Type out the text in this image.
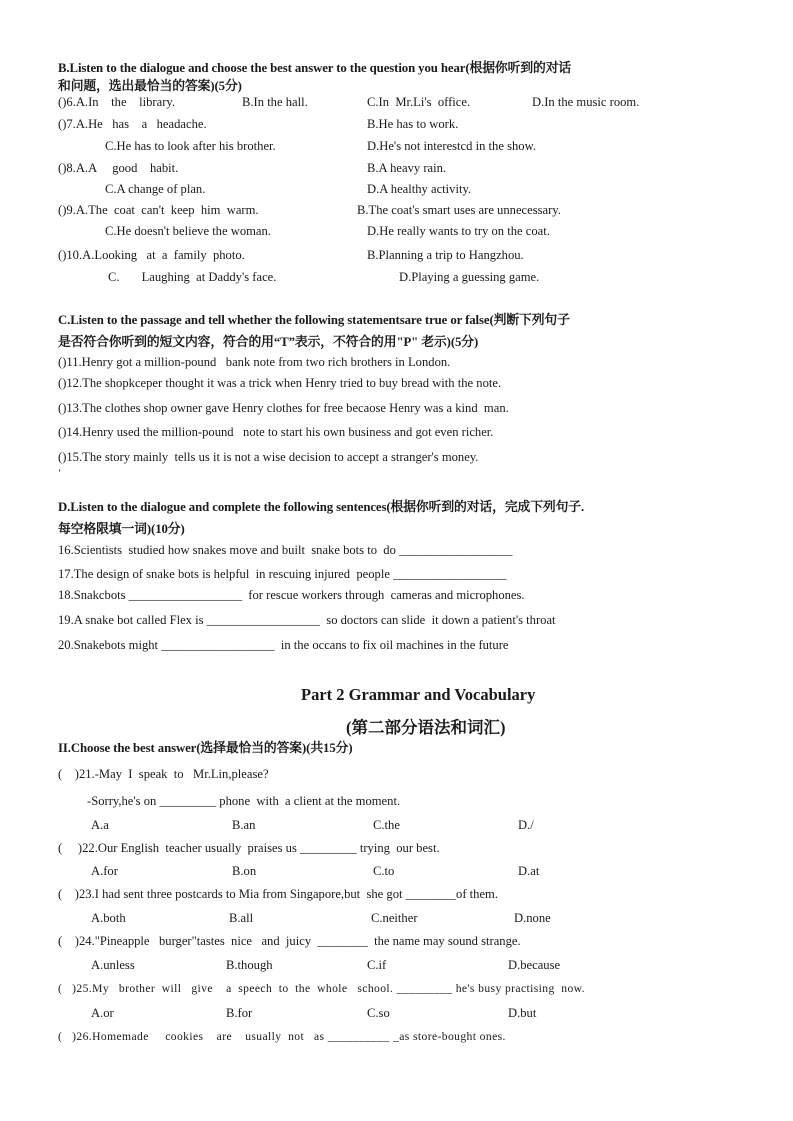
B.Listen to the dialogue and choose the best answer to the question you hear(根据你听到的对话
和问题，选出最恰当的答案)(5分)
()6.A.In    the    library.	B.In the hall.	C.In  Mr.Li's  office.	D.In the music room.
()7.A.He   has    a   headache.	B.He has to work.
C.He has to look after his brother.	D.He's not interestcd in the show.
()8.A.A     good    habit.	B.A heavy rain.
C.A change of plan.	D.A healthy activity.
()9.A.The  coat  can't  keep  him  warm.	B.The coat's smart uses are unnecessary.
C.He doesn't believe the woman.	D.He really wants to try on the coat.
()10.A.Looking   at  a  family  photo.	B.Planning a trip to Hangzhou.
C.       Laughing  at Daddy's face.	D.Playing a guessing game.
C.Listen to the passage and tell whether the following statementsare true or false(判断下列句子
是否符合你听到的短文内容，符合的用“T”表示，不符合的用"P" 老示)(5分)
()11.Henry got a million-pound   bank note from two rich brothers in London.
()12.The shopkceper thought it was a trick when Henry tried to buy bread with the note.
()13.The clothes shop owner gave Henry clothes for free becaose Henry was a kind  man.
()14.Henry used the million-pound   note to start his own business and got even richer.
()15.The story mainly  tells us it is not a wise decision to accept a stranger's money.
‘
D.Listen to the dialogue and complete the following sentences(根据你听到的对话，完成下列句子.
每空格限填一词)(10分)
16.Scientists  studied how snakes move and built  snake bots to  do __________________
17.The design of snake bots is helpful  in rescuing injured  people __________________
18.Snakcbots __________________  for rescue workers through  cameras and microphones.
19.A snake bot called Flex is __________________  so doctors can slide  it down a patient's throat
20.Snakebots might __________________  in the occans to fix oil machines in the future
Part 2 Grammar and Vocabulary
(第二部分语法和词汇)
II.Choose the best answer(选择最恰当的答案)(共15分)
(    )21.-May  I  speak  to   Mr.Lin,please?
-Sorry,he's on _________ phone  with  a client at the moment.
A.a	B.an	C.the	D./
(     )22.Our English  teacher usually  praises us _________ trying  our best.
A.for	B.on	C.to	D.at
(    )23.I had sent three postcards to Mia from Singapore,but  she got ________of them.
A.both	B.all	C.neither	D.none
(    )24."Pineapple   burger"tastes  nice   and  juicy  ________  the name may sound strange.
A.unless	B.though	C.if	D.because
(   )25.My   brother  will   give    a  speech  to  the  whole   school. _________ he's busy practising  now.
A.or	B.for	C.so	D.but
(   )26.Homemade     cookies    are    usually  not   as __________ _as store-bought ones.
